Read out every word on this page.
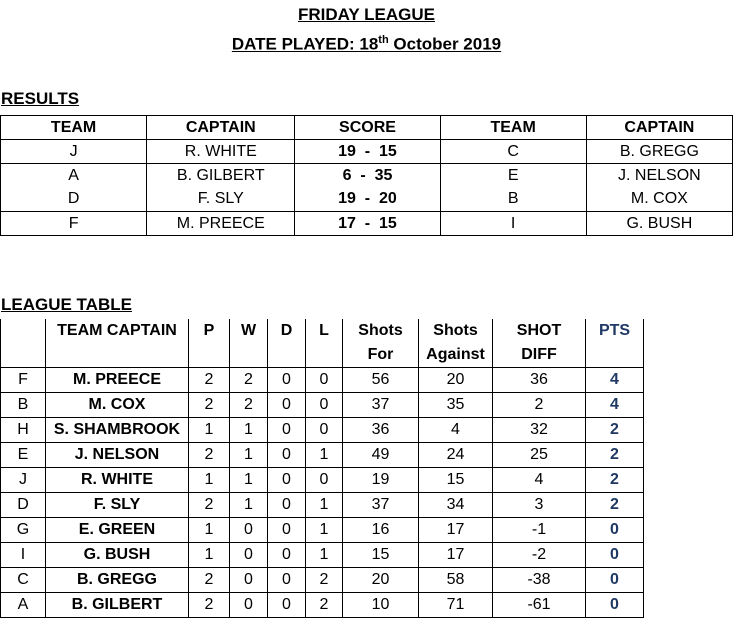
FRIDAY LEAGUE
DATE PLAYED: 18th October 2019
RESULTS
TEAM	CAPTAIN	SCORE	TEAM	CAPTAIN
J	R. WHITE	19  -  15	C	B. GREGG
A	B. GILBERT	6  -  35	E	J. NELSON
D	F. SLY	19  -  20	B	M. COX
F	M. PREECE	17  -  15	I	G. BUSH
LEAGUE TABLE
	TEAM CAPTAIN	P	W	D	L	Shots	Shots	SHOT	PTS
						For	Against	DIFF	
F	M. PREECE	2	2	0	0	56	20	36	4
B	M. COX	2	2	0	0	37	35	2	4
H	S. SHAMBROOK	1	1	0	0	36	4	32	2
E	J. NELSON	2	1	0	1	49	24	25	2
J	R. WHITE	1	1	0	0	19	15	4	2
D	F. SLY	2	1	0	1	37	34	3	2
G	E. GREEN	1	0	0	1	16	17	-1	0
I	G. BUSH	1	0	0	1	15	17	-2	0
C	B. GREGG	2	0	0	2	20	58	-38	0
A	B. GILBERT	2	0	0	2	10	71	-61	0
